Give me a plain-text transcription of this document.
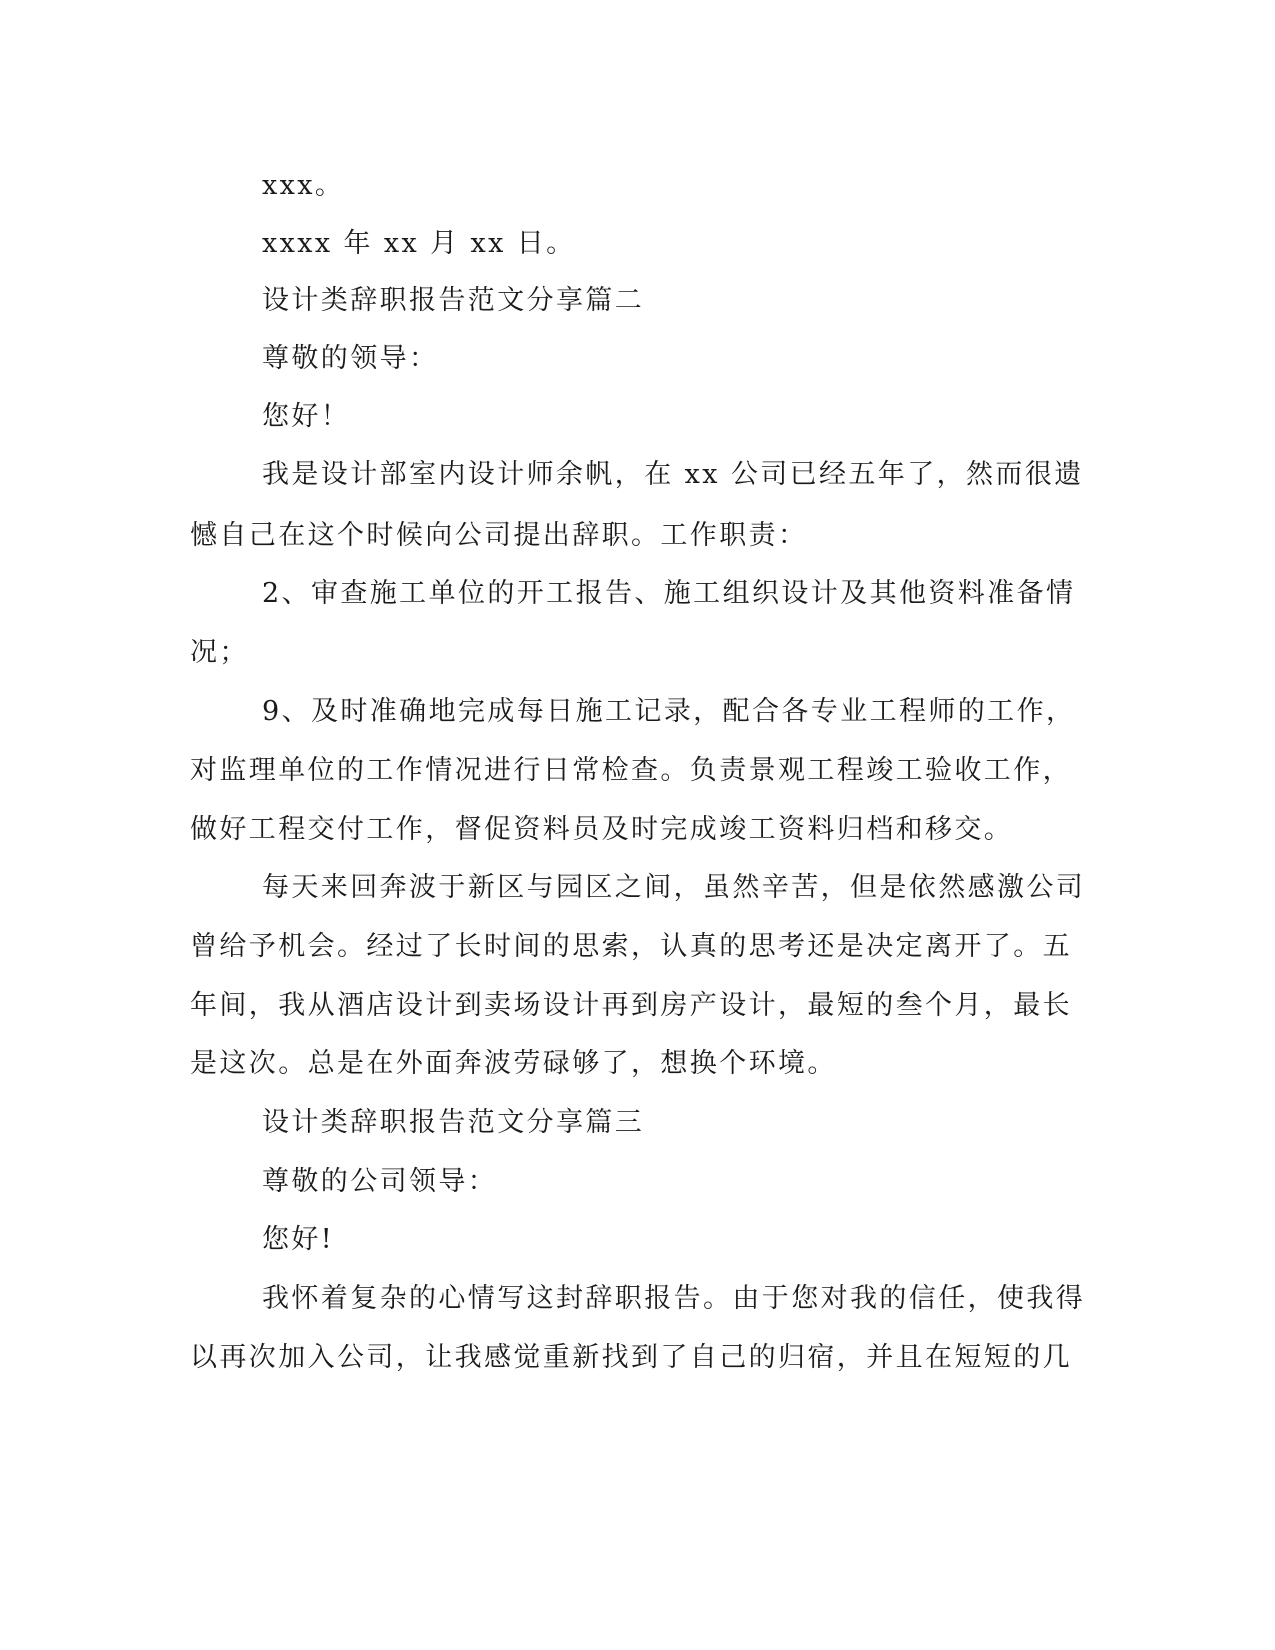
xxx。
xxxx 年 xx 月 xx 日。
设计类辞职报告范文分享篇二
尊敬的领导：
您好！
我是设计部室内设计师余帆，在 xx 公司已经五年了，然而很遗
憾自己在这个时候向公司提出辞职。工作职责：
2、审查施工单位的开工报告、施工组织设计及其他资料准备情
况；
9、及时准确地完成每日施工记录，配合各专业工程师的工作，
对监理单位的工作情况进行日常检查。负责景观工程竣工验收工作，
做好工程交付工作，督促资料员及时完成竣工资料归档和移交。
每天来回奔波于新区与园区之间，虽然辛苦，但是依然感激公司
曾给予机会。经过了长时间的思索，认真的思考还是决定离开了。五
年间，我从酒店设计到卖场设计再到房产设计，最短的叁个月，最长
是这次。总是在外面奔波劳碌够了，想换个环境。
设计类辞职报告范文分享篇三
尊敬的公司领导：
您好!
我怀着复杂的心情写这封辞职报告。由于您对我的信任，使我得
以再次加入公司，让我感觉重新找到了自己的归宿，并且在短短的几
